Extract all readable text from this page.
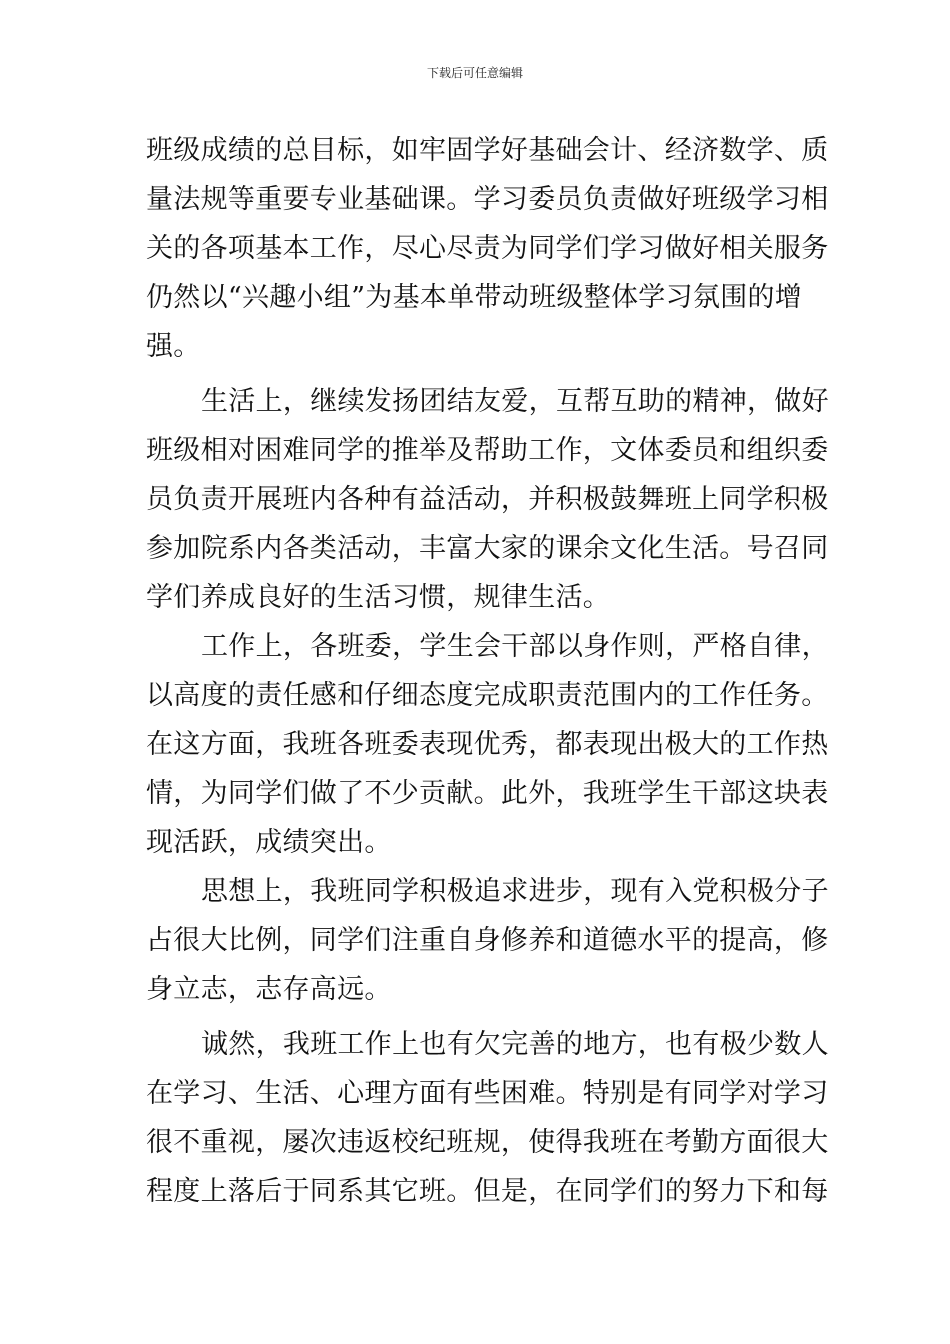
下载后可任意编辑
班级成绩的总目标，如牢固学好基础会计、经济数学、质
量法规等重要专业基础课。学习委员负责做好班级学习相
关的各项基本工作，尽心尽责为同学们学习做好相关服务
仍然以“兴趣小组”为基本单带动班级整体学习氛围的增
强。
生活上，继续发扬团结友爱，互帮互助的精神，做好
班级相对困难同学的推举及帮助工作，文体委员和组织委
员负责开展班内各种有益活动，并积极鼓舞班上同学积极
参加院系内各类活动，丰富大家的课余文化生活。号召同
学们养成良好的生活习惯，规律生活。
工作上，各班委，学生会干部以身作则，严格自律，
以高度的责任感和仔细态度完成职责范围内的工作任务。
在这方面，我班各班委表现优秀，都表现出极大的工作热
情，为同学们做了不少贡献。此外，我班学生干部这块表
现活跃，成绩突出。
思想上，我班同学积极追求进步，现有入党积极分子
占很大比例，同学们注重自身修养和道德水平的提高，修
身立志，志存高远。
诚然，我班工作上也有欠完善的地方，也有极少数人
在学习、生活、心理方面有些困难。特别是有同学对学习
很不重视，屡次违返校纪班规，使得我班在考勤方面很大
程度上落后于同系其它班。但是，在同学们的努力下和每
